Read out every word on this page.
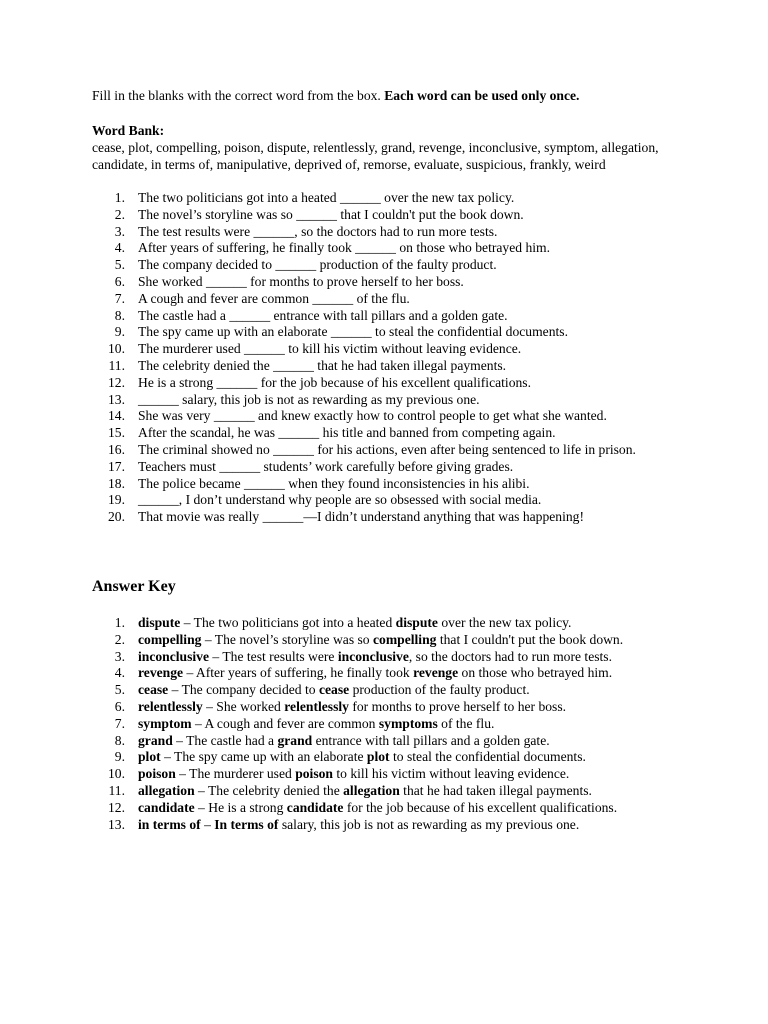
Fill in the blanks with the correct word from the box. Each word can be used only once.

Word Bank:

cease, plot, compelling, poison, dispute, relentlessly, grand, revenge, inconclusive, symptom, allegation, candidate, in terms of, manipulative, deprived of, remorse, evaluate, suspicious, frankly, weird

1. The two politicians got into a heated ______ over the new tax policy.
2. The novel’s storyline was so ______ that I couldn't put the book down.
3. The test results were ______, so the doctors had to run more tests.
4. After years of suffering, he finally took ______ on those who betrayed him.
5. The company decided to ______ production of the faulty product.
6. She worked ______ for months to prove herself to her boss.
7. A cough and fever are common ______ of the flu.
8. The castle had a ______ entrance with tall pillars and a golden gate.
9. The spy came up with an elaborate ______ to steal the confidential documents.
10. The murderer used ______ to kill his victim without leaving evidence.
11. The celebrity denied the ______ that he had taken illegal payments.
12. He is a strong ______ for the job because of his excellent qualifications.
13. ______ salary, this job is not as rewarding as my previous one.
14. She was very ______ and knew exactly how to control people to get what she wanted.
15. After the scandal, he was ______ his title and banned from competing again.
16. The criminal showed no ______ for his actions, even after being sentenced to life in prison.
17. Teachers must ______ students’ work carefully before giving grades.
18. The police became ______ when they found inconsistencies in his alibi.
19. ______, I don’t understand why people are so obsessed with social media.
20. That movie was really ______—I didn’t understand anything that was happening!
Answer Key
1. dispute – The two politicians got into a heated dispute over the new tax policy.
2. compelling – The novel’s storyline was so compelling that I couldn't put the book down.
3. inconclusive – The test results were inconclusive, so the doctors had to run more tests.
4. revenge – After years of suffering, he finally took revenge on those who betrayed him.
5. cease – The company decided to cease production of the faulty product.
6. relentlessly – She worked relentlessly for months to prove herself to her boss.
7. symptom – A cough and fever are common symptoms of the flu.
8. grand – The castle had a grand entrance with tall pillars and a golden gate.
9. plot – The spy came up with an elaborate plot to steal the confidential documents.
10. poison – The murderer used poison to kill his victim without leaving evidence.
11. allegation – The celebrity denied the allegation that he had taken illegal payments.
12. candidate – He is a strong candidate for the job because of his excellent qualifications.
13. in terms of – In terms of salary, this job is not as rewarding as my previous one.
